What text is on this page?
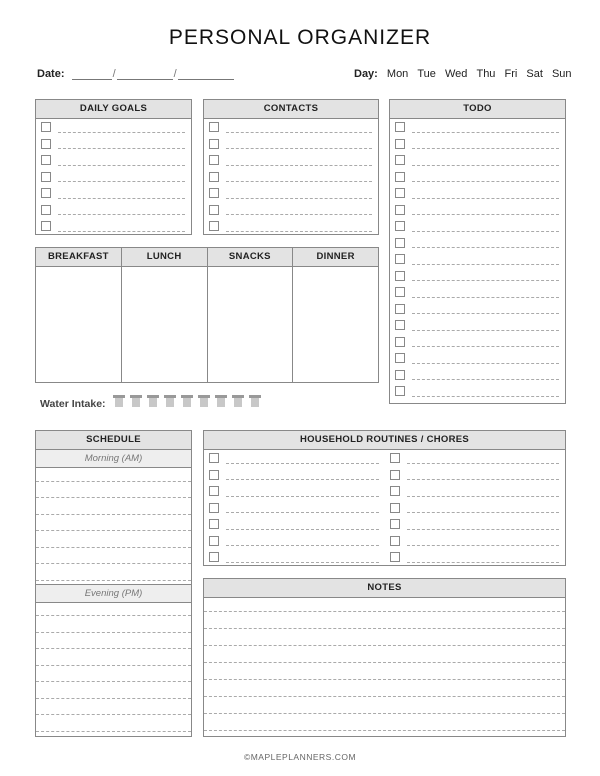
PERSONAL ORGANIZER
Date:	/	/	Day: Mon Tue Wed Thu Fri Sat Sun
DAILY GOALS	CONTACTS	TODO
BREAKFAST	LUNCH	SNACKS	DINNER
Water Intake:
SCHEDULE
Morning (AM)
Evening (PM)
HOUSEHOLD ROUTINES / CHORES
NOTES
©MAPLEPLANNERS.COM
